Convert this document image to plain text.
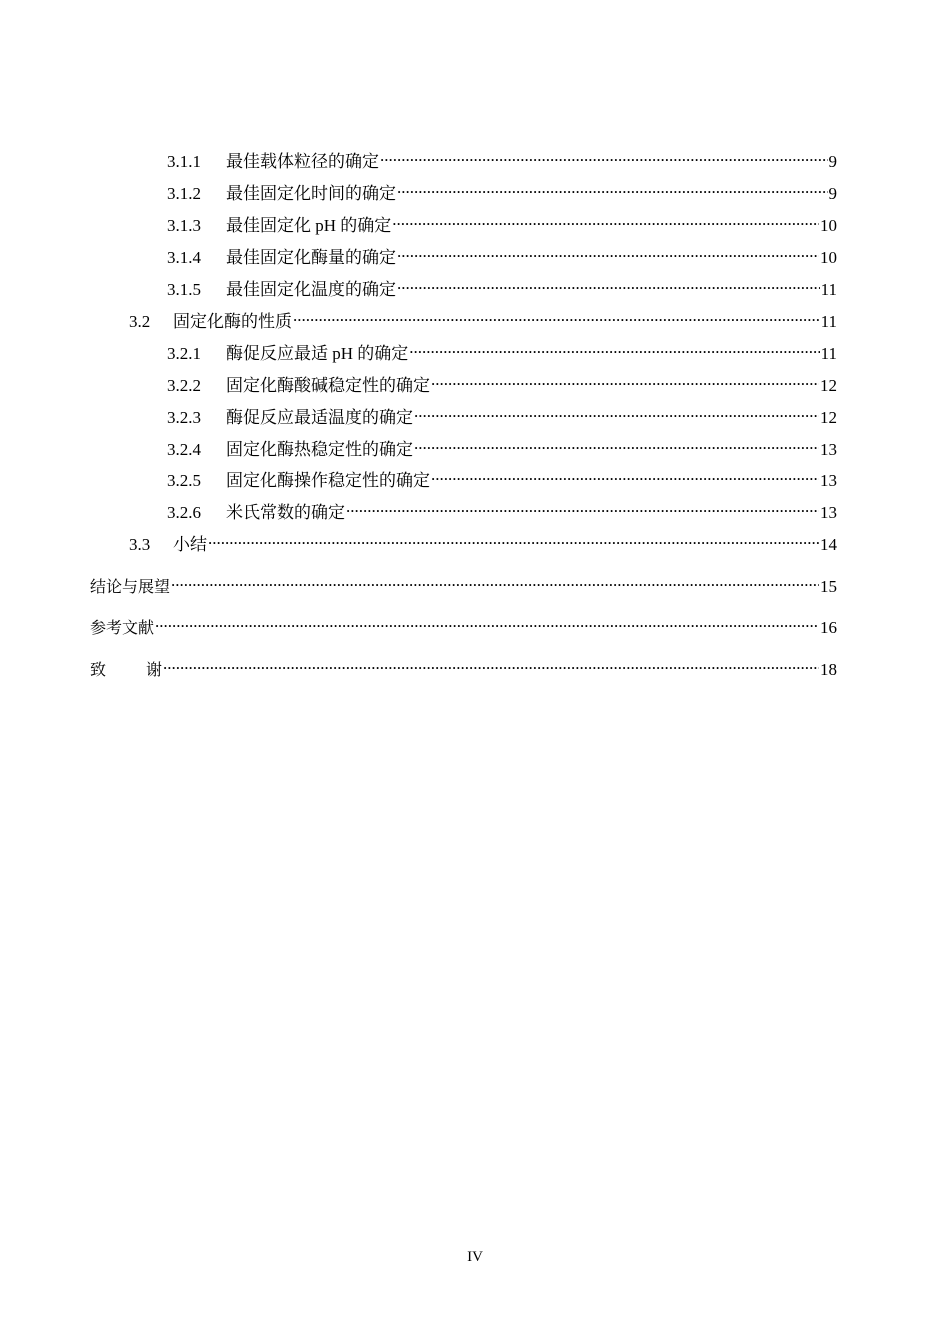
3.1.1	最佳载体粒径的确定 .....	9
3.1.2	最佳固定化时间的确定 .....	9
3.1.3	最佳固定化 pH 的确定 .....	10
3.1.4	最佳固定化酶量的确定 .....	10
3.1.5	最佳固定化温度的确定 .....	11
3.2	固定化酶的性质 .....	11
3.2.1	酶促反应最适 pH 的确定 .....	11
3.2.2	固定化酶酸碱稳定性的确定 .....	12
3.2.3	酶促反应最适温度的确定 .....	12
3.2.4	固定化酶热稳定性的确定 .....	13
3.2.5	固定化酶操作稳定性的确定 .....	13
3.2.6	米氏常数的确定 .....	13
3.3	小结 .....	14
结论与展望 .....	15
参考文献 .....	16
致	谢 .....	18
IV
